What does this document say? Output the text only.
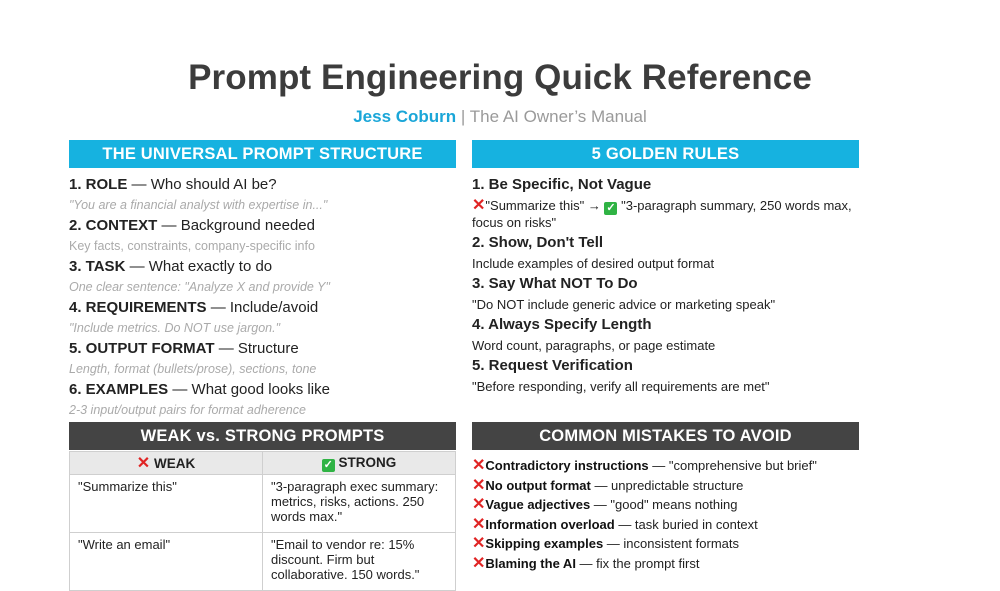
Prompt Engineering Quick Reference
Jess Coburn | The AI Owner’s Manual
THE UNIVERSAL PROMPT STRUCTURE
1. ROLE — Who should AI be?
"You are a financial analyst with expertise in..."
2. CONTEXT — Background needed
Key facts, constraints, company-specific info
3. TASK — What exactly to do
One clear sentence: "Analyze X and provide Y"
4. REQUIREMENTS — Include/avoid
"Include metrics. Do NOT use jargon."
5. OUTPUT FORMAT — Structure
Length, format (bullets/prose), sections, tone
6. EXAMPLES — What good looks like
2-3 input/output pairs for format adherence
5 GOLDEN RULES
1. Be Specific, Not Vague
✕"Summarize this" → ✓ "3-paragraph summary, 250 words max, focus on risks"
2. Show, Don't Tell
Include examples of desired output format
3. Say What NOT To Do
"Do NOT include generic advice or marketing speak"
4. Always Specify Length
Word count, paragraphs, or page estimate
5. Request Verification
"Before responding, verify all requirements are met"
WEAK vs. STRONG PROMPTS
✕ WEAK	✓ STRONG
"Summarize this"	"3-paragraph exec summary: metrics, risks, actions. 250 words max."
"Write an email"	"Email to vendor re: 15% discount. Firm but collaborative. 150 words."
COMMON MISTAKES TO AVOID
✕Contradictory instructions — "comprehensive but brief"
✕No output format — unpredictable structure
✕Vague adjectives — "good" means nothing
✕Information overload — task buried in context
✕Skipping examples — inconsistent formats
✕Blaming the AI — fix the prompt first
